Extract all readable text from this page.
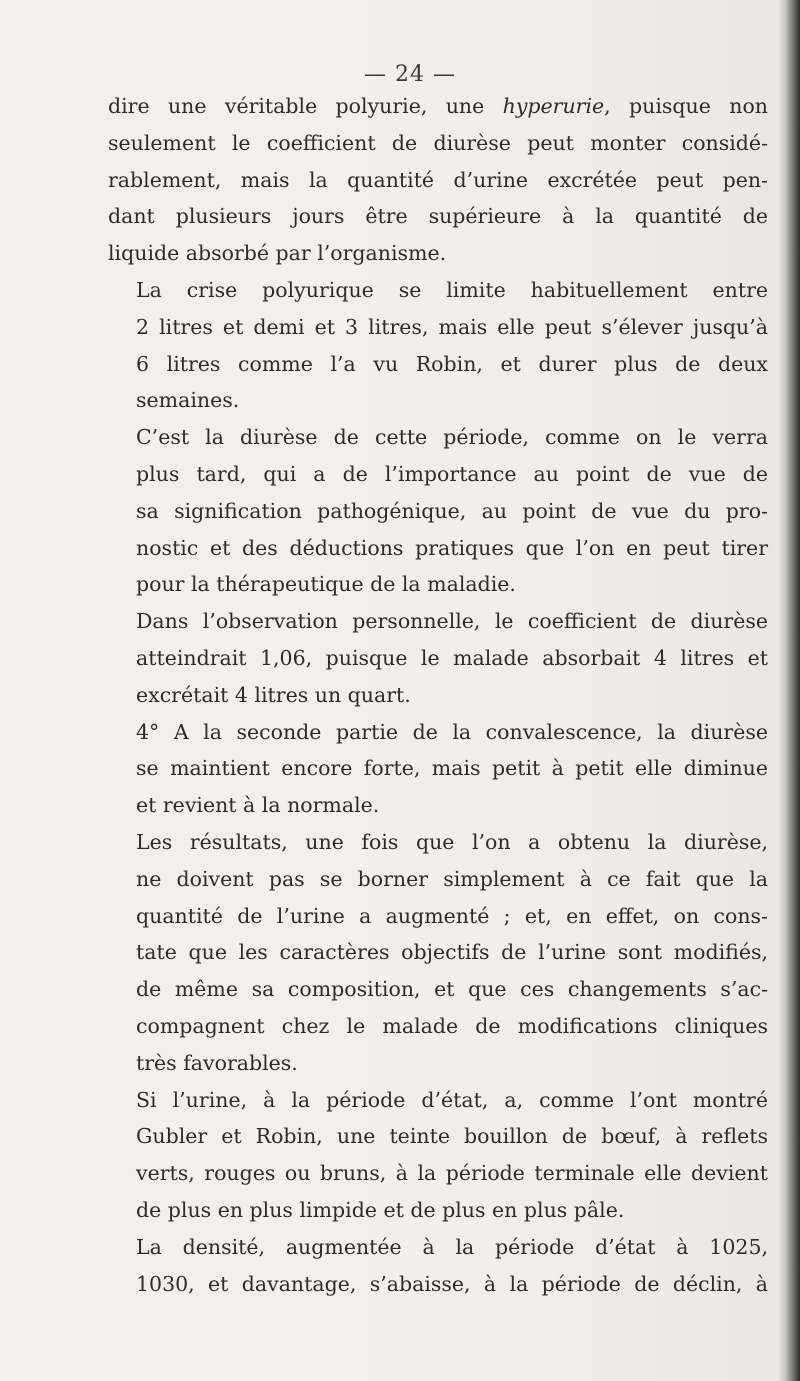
— 24 —

dire une véritable polyurie, une hyperurie, puisque non
seulement le coefficient de diurèse peut monter considé-
rablement, mais la quantité d’urine excrétée peut pen-
dant plusieurs jours être supérieure à la quantité de
liquide absorbé par l’organisme.

La crise polyurique se limite habituellement entre
2 litres et demi et 3 litres, mais elle peut s’élever jusqu’à
6 litres comme l’a vu Robin, et durer plus de deux
semaines.

C’est la diurèse de cette période, comme on le verra
plus tard, qui a de l’importance au point de vue de
sa signification pathogénique, au point de vue du pro-
nostic et des déductions pratiques que l’on en peut tirer
pour la thérapeutique de la maladie.

Dans l’observation personnelle, le coefficient de diurèse
atteindrait 1,06, puisque le malade absorbait 4 litres et
excrétait 4 litres un quart.

4° A la seconde partie de la convalescence, la diurèse
se maintient encore forte, mais petit à petit elle diminue
et revient à la normale.

Les résultats, une fois que l’on a obtenu la diurèse,
ne doivent pas se borner simplement à ce fait que la
quantité de l’urine a augmenté ; et, en effet, on cons-
tate que les caractères objectifs de l’urine sont modifiés,
de même sa composition, et que ces changements s’ac-
compagnent chez le malade de modifications cliniques
très favorables.

Si l’urine, à la période d’état, a, comme l’ont montré
Gubler et Robin, une teinte bouillon de bœuf, à reflets
verts, rouges ou bruns, à la période terminale elle devient
de plus en plus limpide et de plus en plus pâle.

La densité, augmentée à la période d’état à 1025,
1030, et davantage, s’abaisse, à la période de déclin, à
